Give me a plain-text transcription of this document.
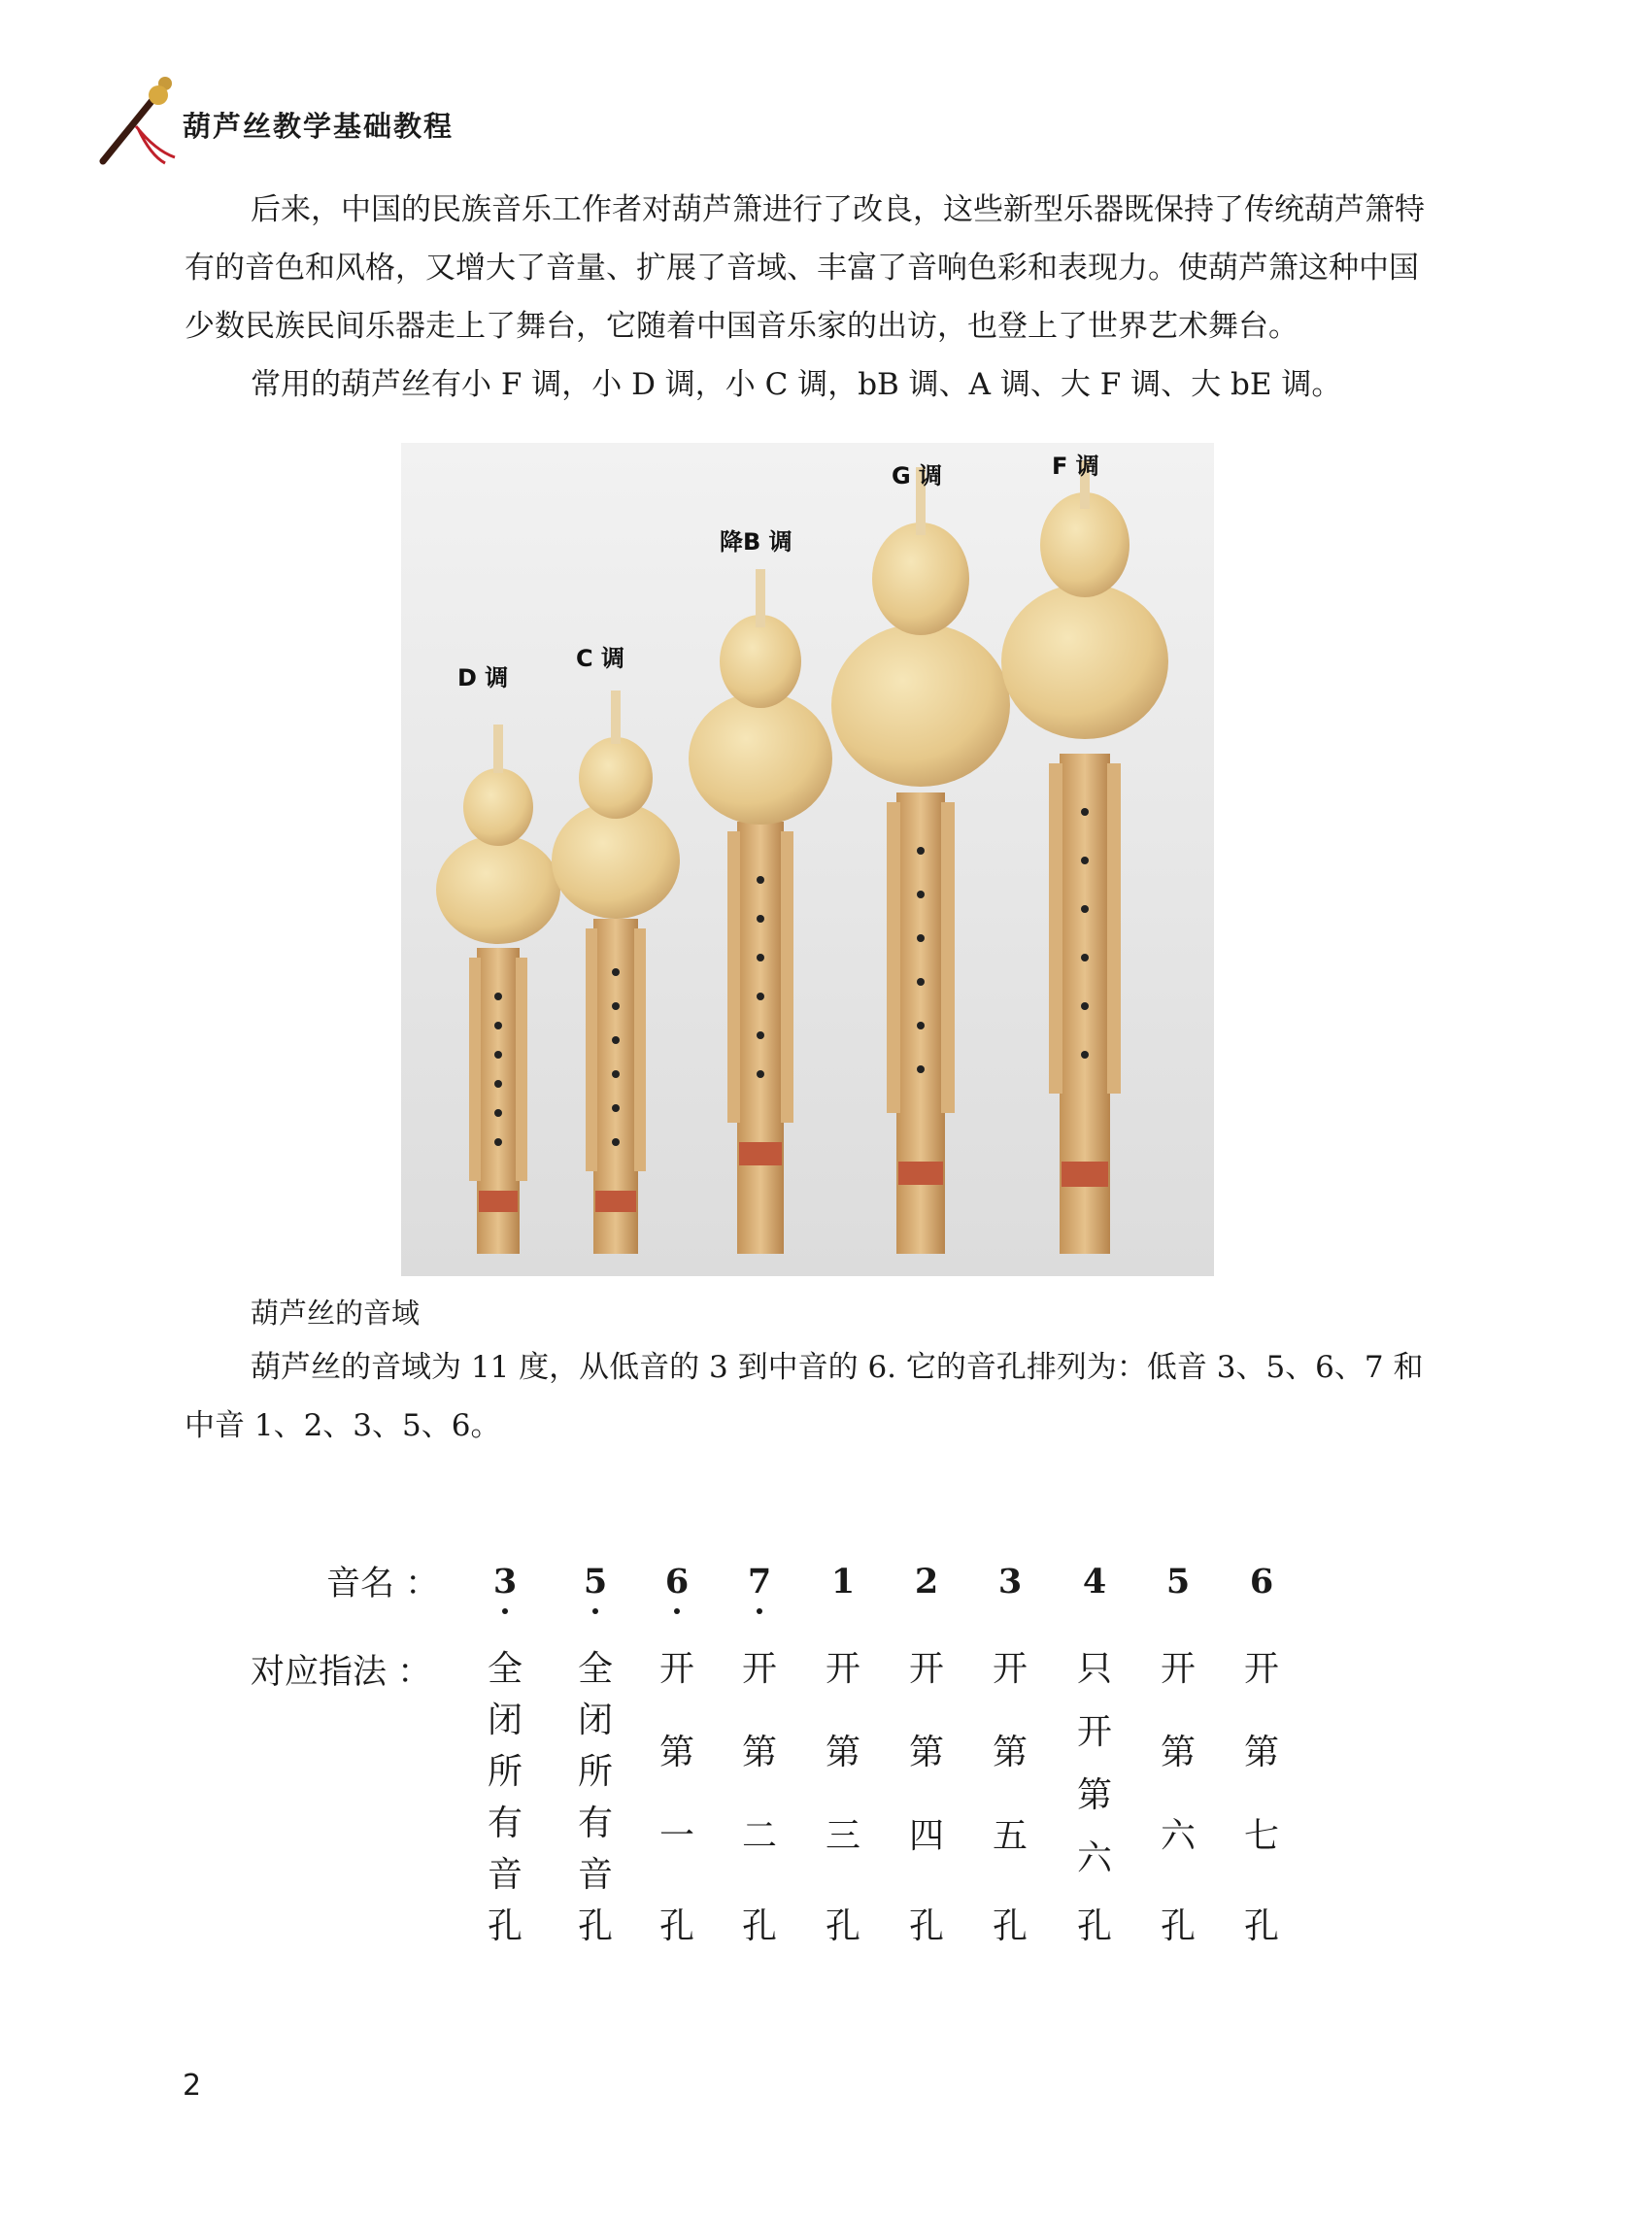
葫芦丝教学基础教程

后来，中国的民族音乐工作者对葫芦箫进行了改良，这些新型乐器既保持了传统葫芦箫特有的音色和风格，又增大了音量、扩展了音域、丰富了音响色彩和表现力。使葫芦箫这种中国少数民族民间乐器走上了舞台，它随着中国音乐家的出访，也登上了世界艺术舞台。

常用的葫芦丝有小 F 调，小 D 调，小 C 调，bB 调、A 调、大 F 调、大 bE 调。

D 调
C 调
降B 调
G 调	F 调
葫芦丝的音域

葫芦丝的音域为 11 度，从低音的 3 到中音的 6. 它的音孔排列为：低音 3、5、6、7 和中音 1、2、3、5、6。

音名 ：
对应指法 ：
3
全
闭
所
有
音
孔
5
全
闭
所
有
音
孔
6
开
第
一
孔
7
开
第
二
孔
1
开
第
三
孔
2
开
第
四
孔
3
开
第
五
孔
4
只
开
第
六
孔
5
开
第
六
孔
6
开
第
七
孔
2
